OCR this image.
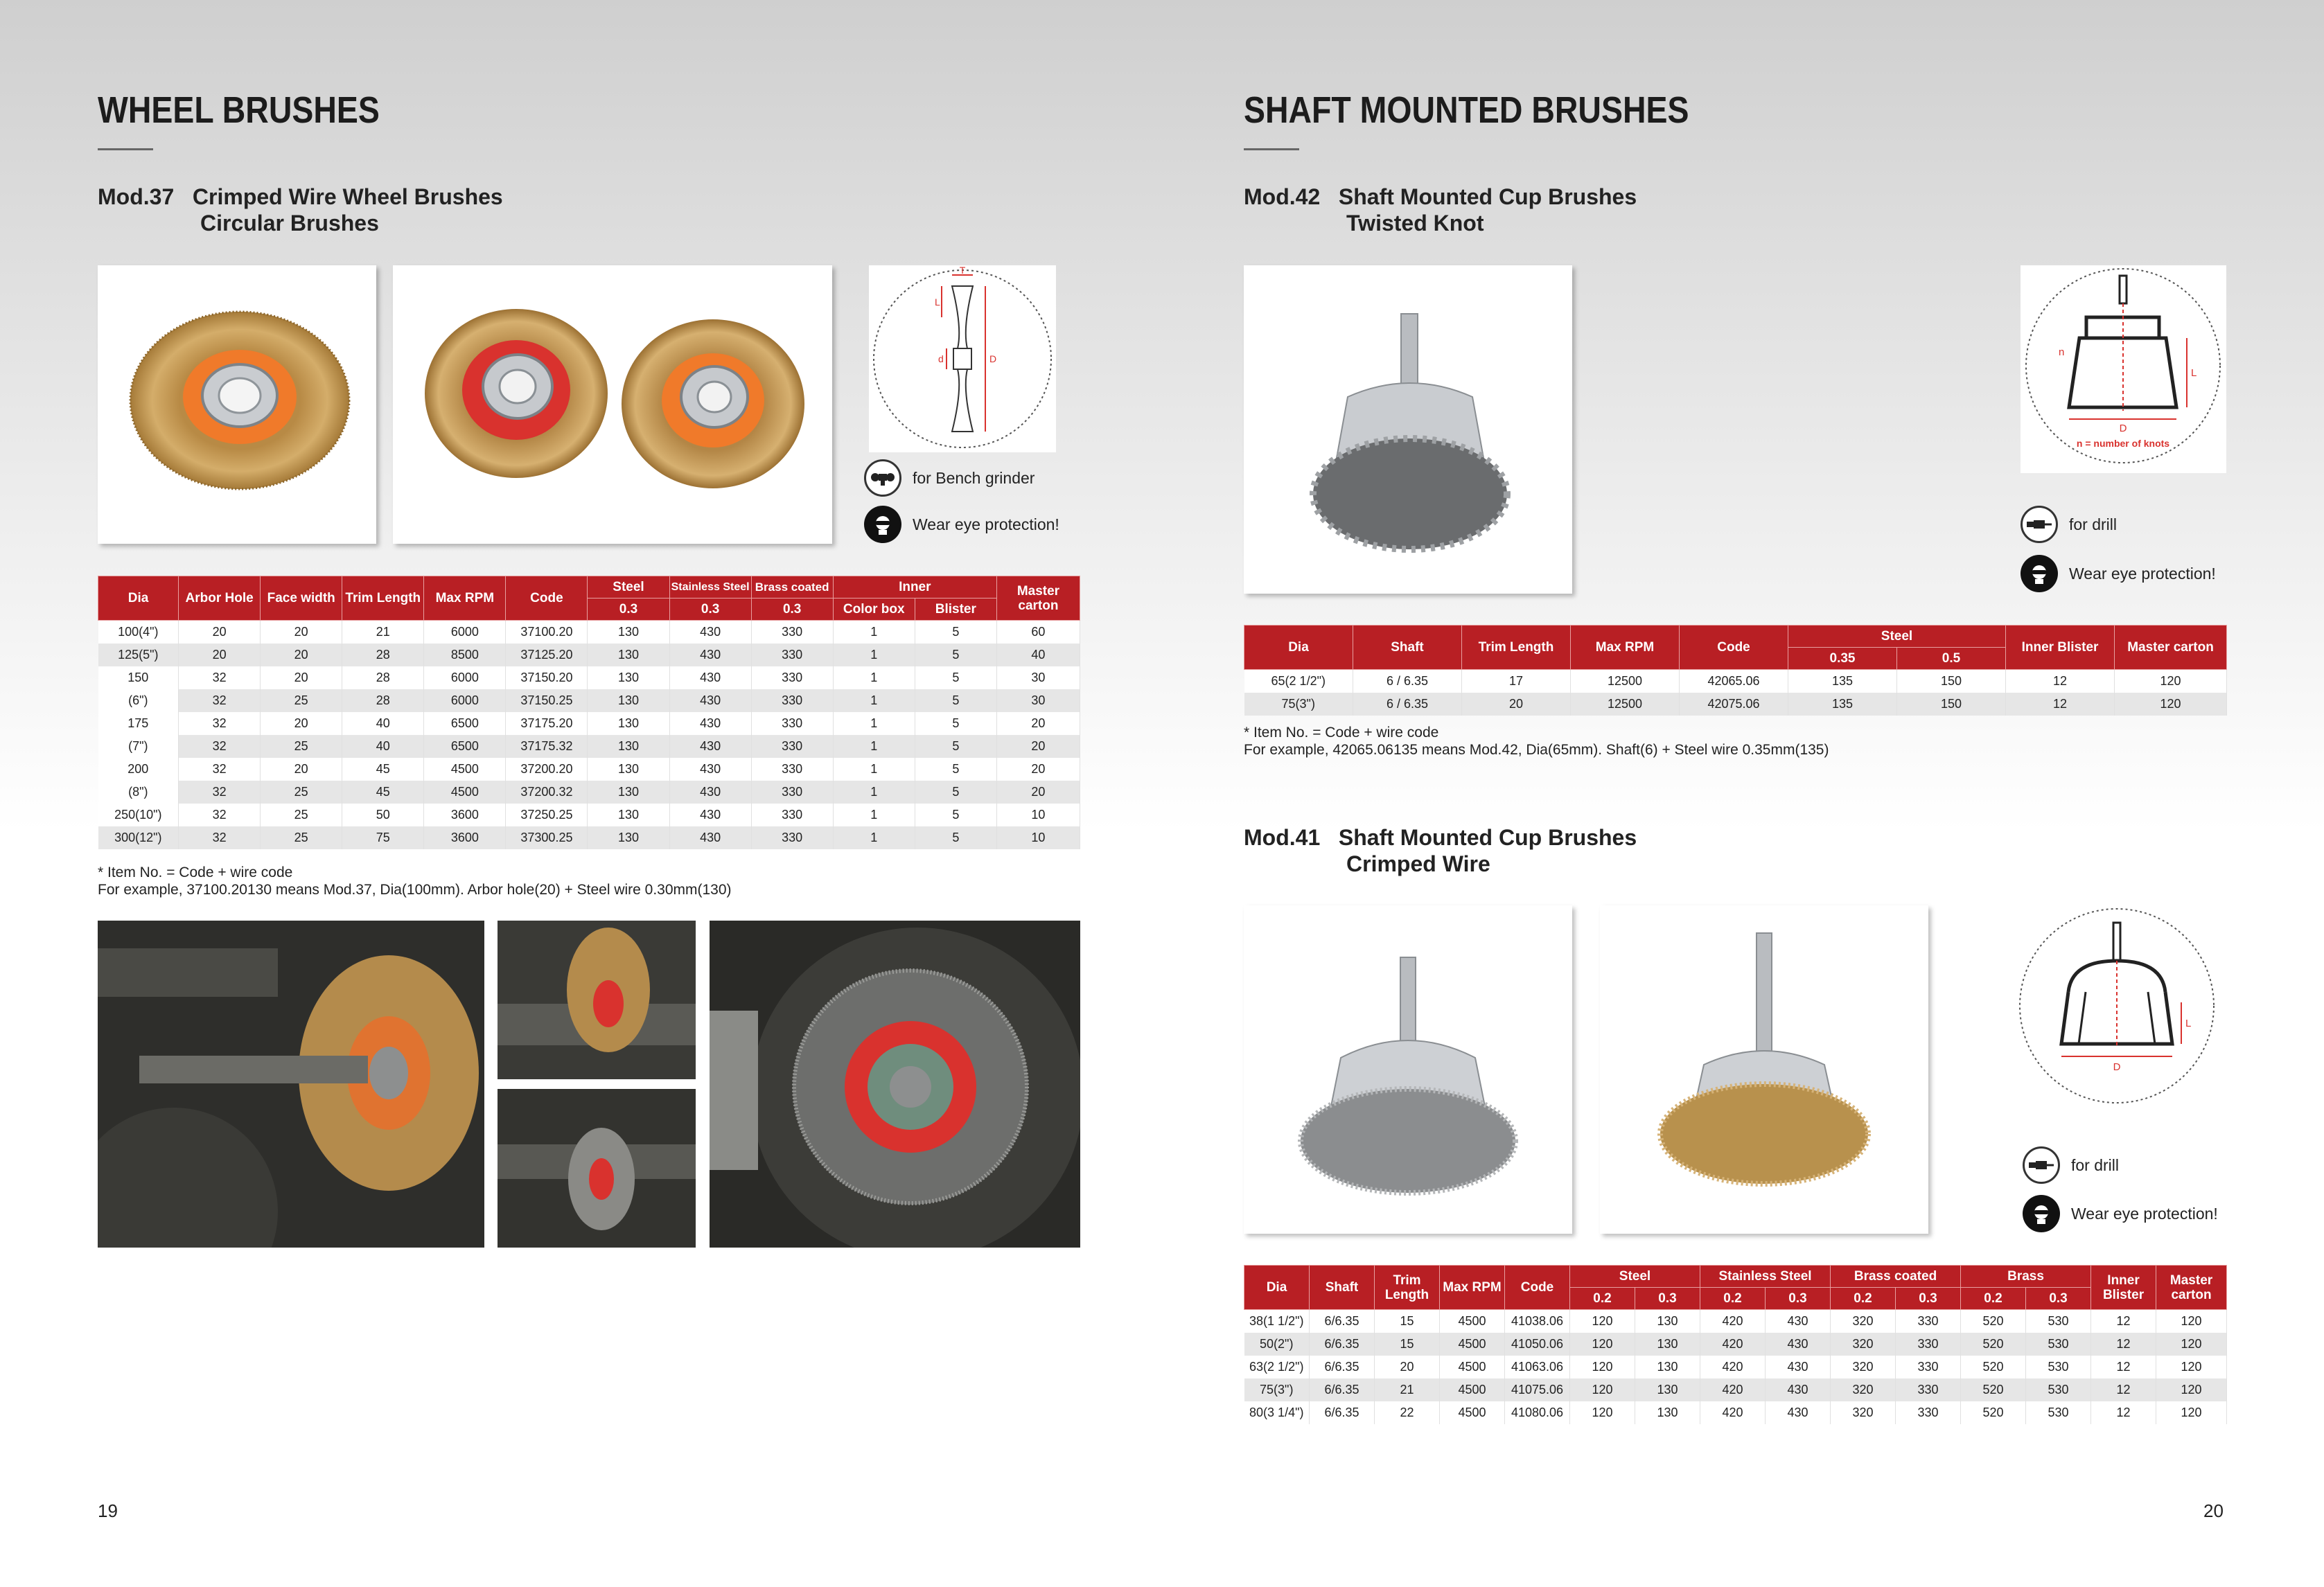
WHEEL BRUSHES
Mod.37   Crimped Wire Wheel Brushes
Circular Brushes
T
L
d	D
for Bench grinder
Wear eye protection!
Dia	Arbor Hole	Face width	Trim Length	Max RPM	Code	Steel	Stainless Steel	Brass coated	Inner		Master carton
						0.3	0.3	0.3	Color box	Blister	
100(4")	20	20	21	6000	37100.20	130	430	330	1	5	60
125(5")	20	20	28	8500	37125.20	130	430	330	1	5	40
150	32	20	28	6000	37150.20	130	430	330	1	5	30
(6")	32	25	28	6000	37150.25	130	430	330	1	5	30
175	32	20	40	6500	37175.20	130	430	330	1	5	20
(7")	32	25	40	6500	37175.32	130	430	330	1	5	20
200	32	20	45	4500	37200.20	130	430	330	1	5	20
(8")	32	25	45	4500	37200.32	130	430	330	1	5	20
250(10")	32	25	50	3600	37250.25	130	430	330	1	5	10
300(12")	32	25	75	3600	37300.25	130	430	330	1	5	10
* Item No. = Code + wire code
For example, 37100.20130 means Mod.37, Dia(100mm). Arbor hole(20) + Steel wire 0.30mm(130)
19
SHAFT MOUNTED BRUSHES
Mod.42   Shaft Mounted Cup Brushes
Twisted Knot
n
L
D
n = number of knots
for drill
Wear eye protection!
Dia	Shaft	Trim Length	Max RPM	Code	Steel		Inner Blister	Master carton
					0.35	0.5		
65(2 1/2")	6 / 6.35	17	12500	42065.06	135	150	12	120
75(3")	6 / 6.35	20	12500	42075.06	135	150	12	120
* Item No. = Code + wire code
For example, 42065.06135 means Mod.42, Dia(65mm). Shaft(6) + Steel wire 0.35mm(135)
Mod.41   Shaft Mounted Cup Brushes
Crimped Wire
L
D
for drill
Wear eye protection!
Dia	Shaft	Trim Length	Max RPM	Code	Steel		Stainless Steel		Brass coated		Brass		Inner Blister	Master carton
					0.2	0.3	0.2	0.3	0.2	0.3	0.2	0.3		
38(1 1/2")	6/6.35	15	4500	41038.06	120	130	420	430	320	330	520	530	12	120
50(2")	6/6.35	15	4500	41050.06	120	130	420	430	320	330	520	530	12	120
63(2 1/2")	6/6.35	20	4500	41063.06	120	130	420	430	320	330	520	530	12	120
75(3")	6/6.35	21	4500	41075.06	120	130	420	430	320	330	520	530	12	120
80(3 1/4")	6/6.35	22	4500	41080.06	120	130	420	430	320	330	520	530	12	120
20
